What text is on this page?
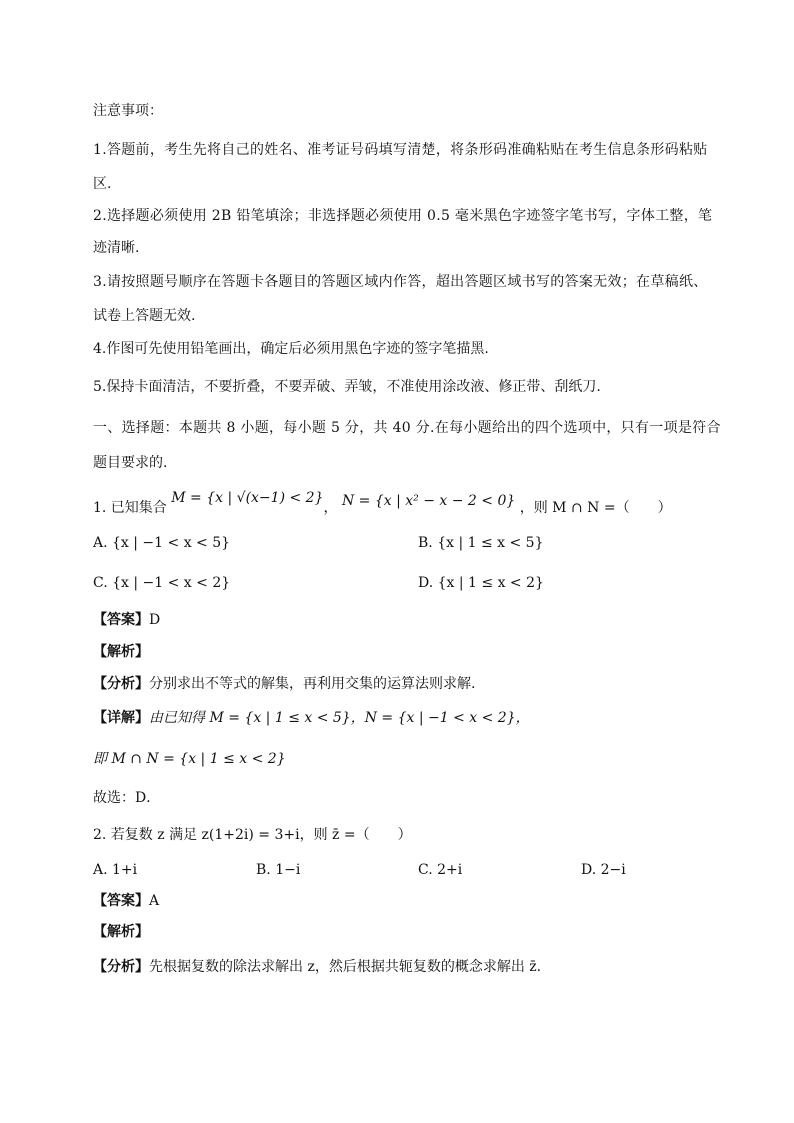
注意事项：
1.答题前，考生先将自己的姓名、准考证号码填写清楚，将条形码准确粘贴在考生信息条形码粘贴
区.
2.选择题必须使用 2B 铅笔填涂；非选择题必须使用 0.5 毫米黑色字迹签字笔书写，字体工整，笔
迹清晰.
3.请按照题号顺序在答题卡各题目的答题区域内作答，超出答题区域书写的答案无效；在草稿纸、
试卷上答题无效.
4.作图可先使用铅笔画出，确定后必须用黑色字迹的签字笔描黑.
5.保持卡面清洁，不要折叠，不要弄破、弄皱，不准使用涂改液、修正带、刮纸刀.
一、选择题：本题共 8 小题，每小题 5 分，共 40 分.在每小题给出的四个选项中，只有一项是符合
题目要求的.
1. 已知集合 M = {x | √(x−1) < 2}， N = {x | x² − x − 2 < 0} ，则 M ∩ N =（　　）
A. {x | −1 < x < 5}	B. {x | 1 ≤ x < 5}
C. {x | −1 < x < 2}	D. {x | 1 ≤ x < 2}
【答案】D
【解析】
【分析】分别求出不等式的解集，再利用交集的运算法则求解.
【详解】由已知得 M = {x | 1 ≤ x < 5}，N = {x | −1 < x < 2}，
即 M ∩ N = {x | 1 ≤ x < 2}
故选：D．
2. 若复数 z 满足 z(1+2i) = 3+i，则 z̄ =（　　）
A. 1+i	B. 1−i	C. 2+i	D. 2−i
【答案】A
【解析】
【分析】先根据复数的除法求解出 z，然后根据共轭复数的概念求解出 z̄.
